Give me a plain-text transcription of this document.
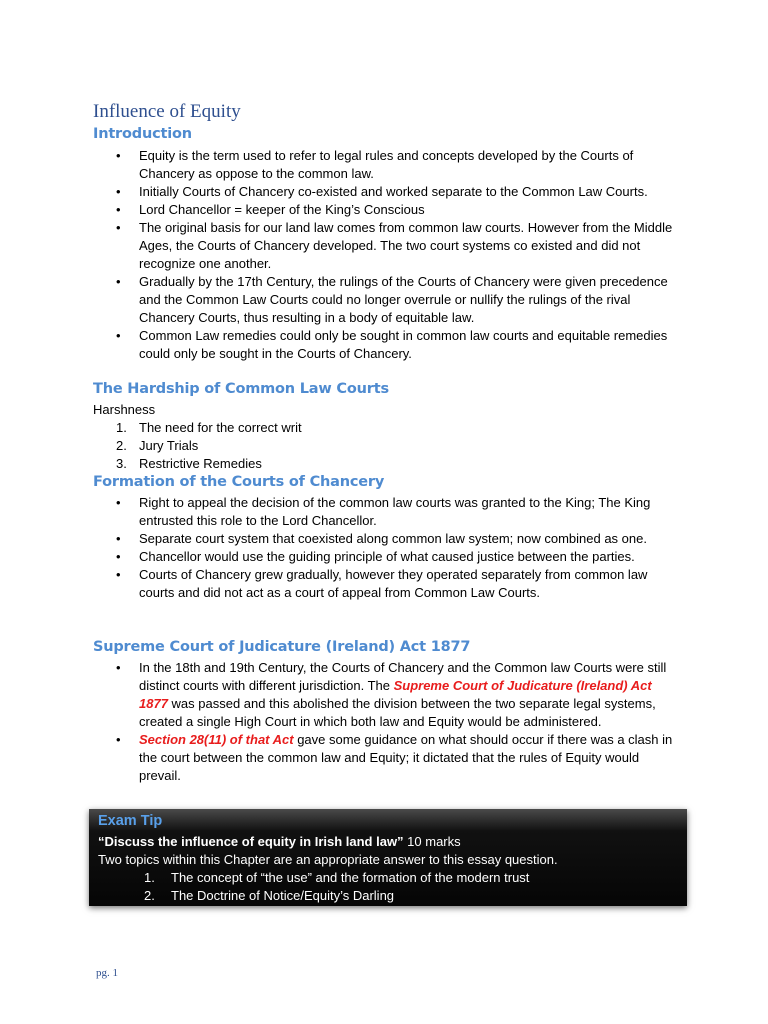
Influence of Equity
Introduction
• Equity is the term used to refer to legal rules and concepts developed by the Courts of Chancery as oppose to the common law.
• Initially Courts of Chancery co-existed and worked separate to the Common Law Courts.
• Lord Chancellor = keeper of the King’s Conscious
• The original basis for our land law comes from common law courts. However from the Middle Ages, the Courts of Chancery developed. The two court systems co existed and did not recognize one another.
• Gradually by the 17th Century, the rulings of the Courts of Chancery were given precedence and the Common Law Courts could no longer overrule or nullify the rulings of the rival Chancery Courts, thus resulting in a body of equitable law.
• Common Law remedies could only be sought in common law courts and equitable remedies could only be sought in the Courts of Chancery.
The Hardship of Common Law Courts

Harshness

1. The need for the correct writ
2. Jury Trials
3. Restrictive Remedies
Formation of the Courts of Chancery
• Right to appeal the decision of the common law courts was granted to the King; The King entrusted this role to the Lord Chancellor.
• Separate court system that coexisted along common law system; now combined as one.
• Chancellor would use the guiding principle of what caused justice between the parties.
• Courts of Chancery grew gradually, however they operated separately from common law courts and did not act as a court of appeal from Common Law Courts.
Supreme Court of Judicature (Ireland) Act 1877
• In the 18th and 19th Century, the Courts of Chancery and the Common law Courts were still distinct courts with different jurisdiction. The Supreme Court of Judicature (Ireland) Act 1877 was passed and this abolished the division between the two separate legal systems, created a single High Court in which both law and Equity would be administered.
• Section 28(11) of that Act gave some guidance on what should occur if there was a clash in the court between the common law and Equity; it dictated that the rules of Equity would prevail.
Exam Tip
“Discuss the influence of equity in Irish land law” 10 marks
Two topics within this Chapter are an appropriate answer to this essay question.
1. The concept of “the use” and the formation of the modern trust
2. The Doctrine of Notice/Equity’s Darling
pg. 1
